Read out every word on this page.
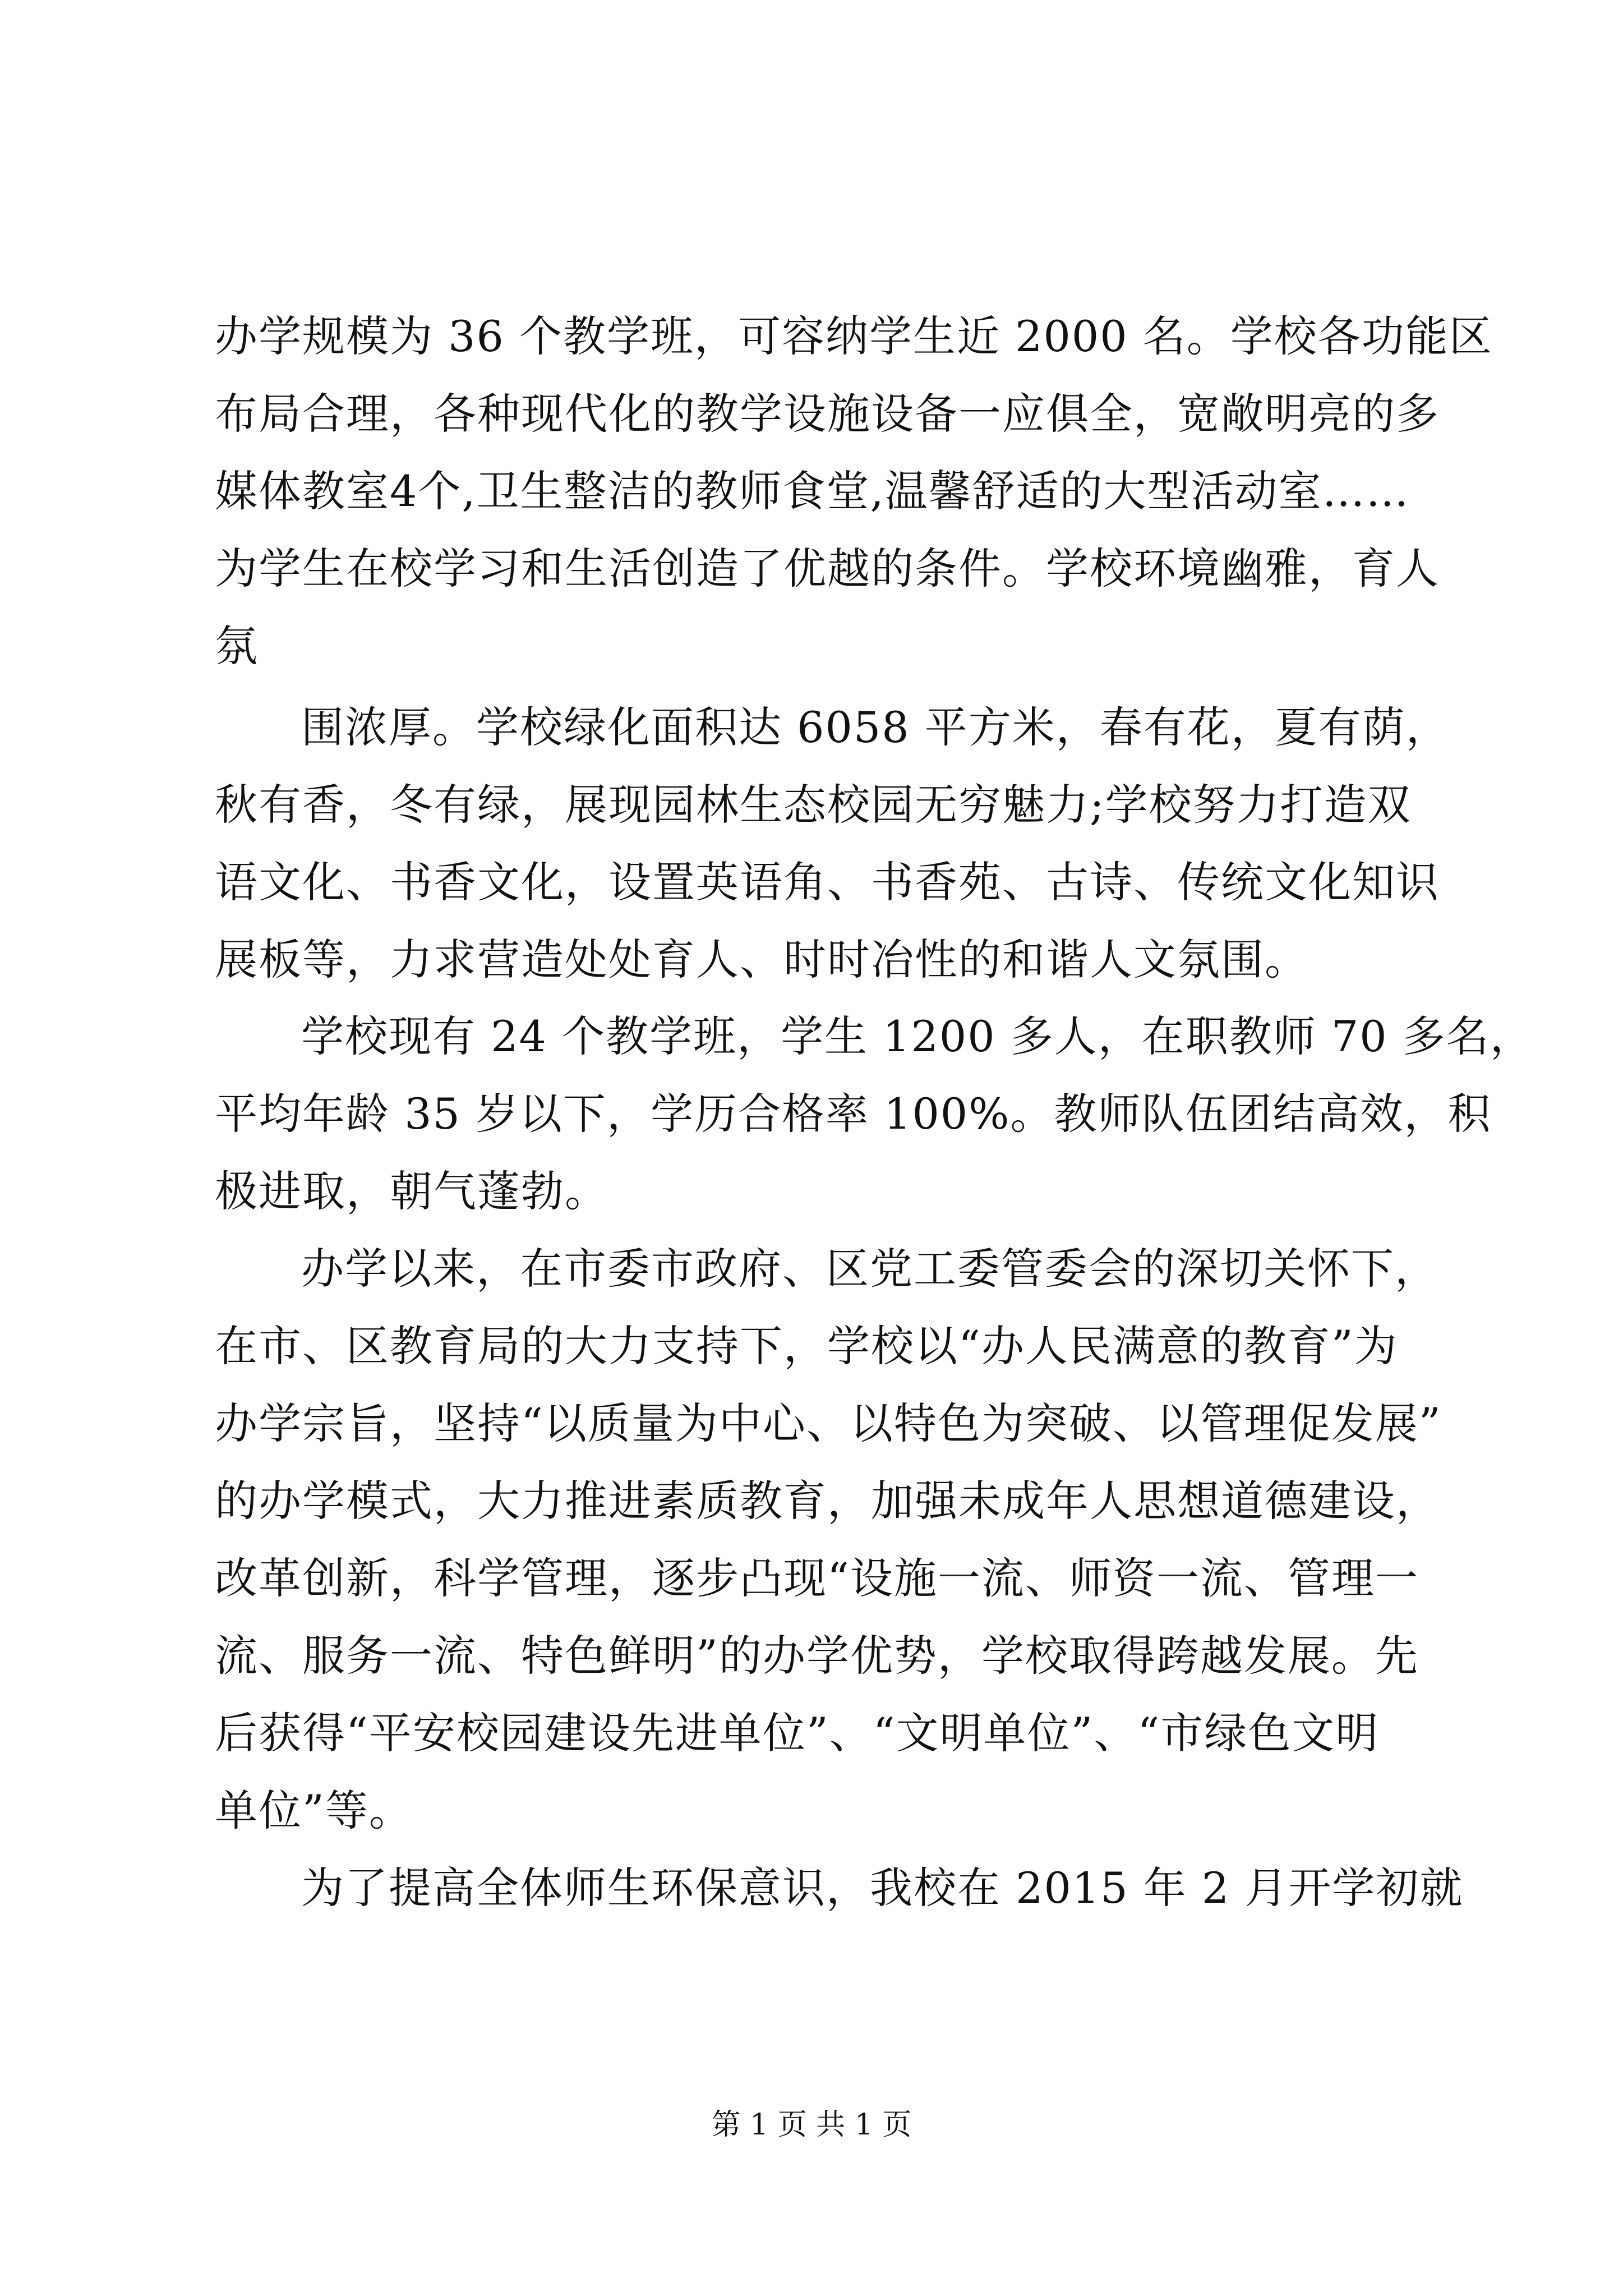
办学规模为 36 个教学班，可容纳学生近 2000 名。学校各功能区
布局合理，各种现代化的教学设施设备一应俱全，宽敞明亮的多
媒体教室4个,卫生整洁的教师食堂,温馨舒适的大型活动室……
为学生在校学习和生活创造了优越的条件。学校环境幽雅，育人
氛
围浓厚。学校绿化面积达 6058 平方米，春有花，夏有荫，
秋有香，冬有绿，展现园林生态校园无穷魅力;学校努力打造双
语文化、书香文化，设置英语角、书香苑、古诗、传统文化知识
展板等，力求营造处处育人、时时冶性的和谐人文氛围。
学校现有 24 个教学班，学生 1200 多人，在职教师 70 多名，
平均年龄 35 岁以下，学历合格率 100%。教师队伍团结高效，积
极进取，朝气蓬勃。
办学以来，在市委市政府、区党工委管委会的深切关怀下，
在市、区教育局的大力支持下，学校以“办人民满意的教育”为
办学宗旨，坚持“以质量为中心、以特色为突破、以管理促发展”
的办学模式，大力推进素质教育，加强未成年人思想道德建设，
改革创新，科学管理，逐步凸现“设施一流、师资一流、管理一
流、服务一流、特色鲜明”的办学优势，学校取得跨越发展。先
后获得“平安校园建设先进单位”、“文明单位”、“市绿色文明
单位”等。
为了提高全体师生环保意识，我校在 2015 年 2 月开学初就
第 1 页 共 1 页
